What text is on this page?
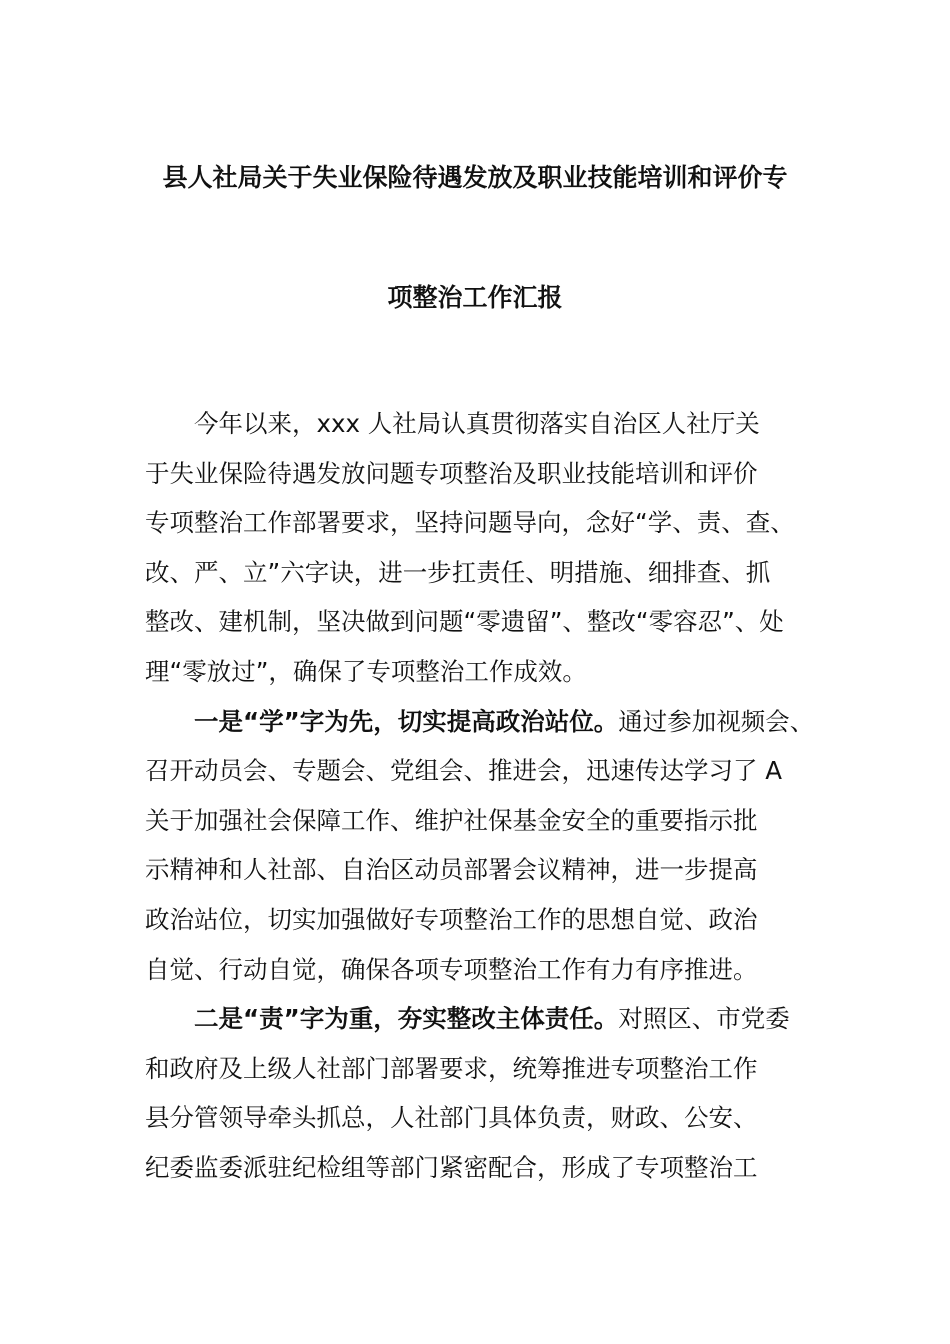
县人社局关于失业保险待遇发放及职业技能培训和评价专
项整治工作汇报
今年以来，xxx 人社局认真贯彻落实自治区人社厅关
于失业保险待遇发放问题专项整治及职业技能培训和评价
专项整治工作部署要求，坚持问题导向，念好“学、责、查、
改、严、立”六字诀，进一步扛责任、明措施、细排查、抓
整改、建机制，坚决做到问题“零遗留”、整改“零容忍”、处
理“零放过”，确保了专项整治工作成效。
一是“学”字为先，切实提高政治站位。通过参加视频会、
召开动员会、专题会、党组会、推进会，迅速传达学习了 A
关于加强社会保障工作、维护社保基金安全的重要指示批
示精神和人社部、自治区动员部署会议精神，进一步提高
政治站位，切实加强做好专项整治工作的思想自觉、政治
自觉、行动自觉，确保各项专项整治工作有力有序推进。
二是“责”字为重，夯实整改主体责任。对照区、市党委
和政府及上级人社部门部署要求，统筹推进专项整治工作
县分管领导牵头抓总，人社部门具体负责，财政、公安、
纪委监委派驻纪检组等部门紧密配合，形成了专项整治工
